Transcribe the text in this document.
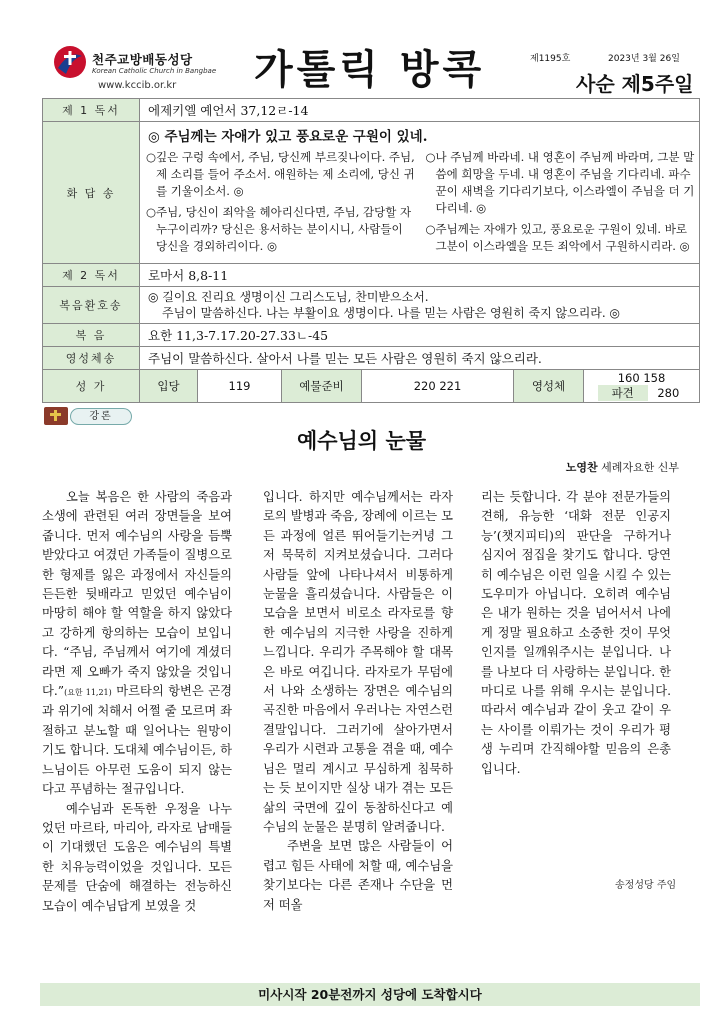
천주교방배동성당
Korean Catholic Church in Bangbae
www.kccib.or.kr 가톨릭 방콕	제1195호	2023년 3월 26일
사순 제5주일
제 1 독서	에제키엘 예언서 37,12ㄹ-14					
화 답 송	◎ 주님께는 자애가 있고 풍요로운 구원이 있네.					

	○깊은 구렁 속에서, 주님, 당신께 부르짖나이다. 주님, 제 소리를 들어 주소서. 애원하는 제 소리에, 당신 귀를 기울이소서. ◎

○주님, 당신이 죄악을 헤아리신다면, 주님, 감당할 자 누구이리까? 당신은 용서하는 분이시니, 사람들이 당신을 경외하리이다. ◎

○나 주님께 바라네. 내 영혼이 주님께 바라며, 그분 말씀에 희망을 두네. 내 영혼이 주님을 기다리네. 파수꾼이 새벽을 기다리기보다, 이스라엘이 주님을 더 기다리네. ◎

○주님께는 자애가 있고, 풍요로운 구원이 있네. 바로 그분이 이스라엘을 모든 죄악에서 구원하시리라. ◎					

제 2 독서	로마서 8,8-11					
복음환호송	◎ 길이요 진리요 생명이신 그리스도님, 찬미받으소서.
주님이 말씀하신다. 나는 부활이요 생명이다. 나를 믿는 사람은 영원히 죽지 않으리라. ◎					

복 음	요한 11,3-7.17.20-27.33ㄴ-45					
영성체송	주님이 말씀하신다. 살아서 나를 믿는 모든 사람은 영원히 죽지 않으리라.					
성 가	입당	119	예물준비	220 221	영성체	160 158 파견 280
강론
예수님의 눈물
노영찬 세례자요한 신부

오늘 복음은 한 사람의 죽음과 소생에 관련된 여러 장면들을 보여줍니다. 먼저 예수님의 사랑을 듬뿍 받았다고 여겼던 가족들이 질병으로 한 형제를 잃은 과정에서 자신들의 든든한 뒷배라고 믿었던 예수님이 마땅히 해야 할 역할을 하지 않았다고 강하게 항의하는 모습이 보입니다. “주님, 주님께서 여기에 계셨더라면 제 오빠가 죽지 않았을 것입니다.”(요한 11,21) 마르타의 항변은 곤경과 위기에 처해서 어쩔 줄 모르며 좌절하고 분노할 때 일어나는 원망이기도 합니다. 도대체 예수님이든, 하느님이든 아무런 도움이 되지 않는다고 푸념하는 절규입니다.

예수님과 돈독한 우정을 나누었던 마르타, 마리아, 라자로 남매들이 기대했던 도움은 예수님의 특별한 치유능력이었을 것입니다. 모든 문제를 단숨에 해결하는 전능하신 모습이 예수님답게 보였을 것

입니다. 하지만 예수님께서는 라자로의 발병과 죽음, 장례에 이르는 모든 과정에 얼른 뛰어들기는커녕 그저 묵묵히 지켜보셨습니다. 그러다 사람들 앞에 나타나셔서 비통하게 눈물을 흘리셨습니다. 사람들은 이 모습을 보면서 비로소 라자로를 향한 예수님의 지극한 사랑을 진하게 느낍니다. 우리가 주목해야 할 대목은 바로 여깁니다. 라자로가 무덤에서 나와 소생하는 장면은 예수님의 곡진한 마음에서 우러나는 자연스런 결말입니다. 그러기에 살아가면서 우리가 시련과 고통을 겪을 때, 예수님은 멀리 계시고 무심하게 침묵하는 듯 보이지만 실상 내가 겪는 모든 삶의 국면에 깊이 동참하신다고 예수님의 눈물은 분명히 알려줍니다.

주변을 보면 많은 사람들이 어렵고 힘든 사태에 처할 때, 예수님을 찾기보다는 다른 존재나 수단을 먼저 떠올

리는 듯합니다. 각 분야 전문가들의 견해, 유능한 ‘대화 전문 인공지능’(챗지피티)의 판단을 구하거나 심지어 점집을 찾기도 합니다. 당연히 예수님은 이런 일을 시킬 수 있는 도우미가 아닙니다. 오히려 예수님은 내가 원하는 것을 넘어서서 나에게 정말 필요하고 소중한 것이 무엇인지를 일깨워주시는 분입니다. 나를 나보다 더 사랑하는 분입니다. 한마디로 나를 위해 우시는 분입니다. 따라서 예수님과 같이 웃고 같이 우는 사이를 이뤄가는 것이 우리가 평생 누리며 간직해야할 믿음의 은총입니다.

송정성당 주임
미사시작 20분전까지 성당에 도착합시다
